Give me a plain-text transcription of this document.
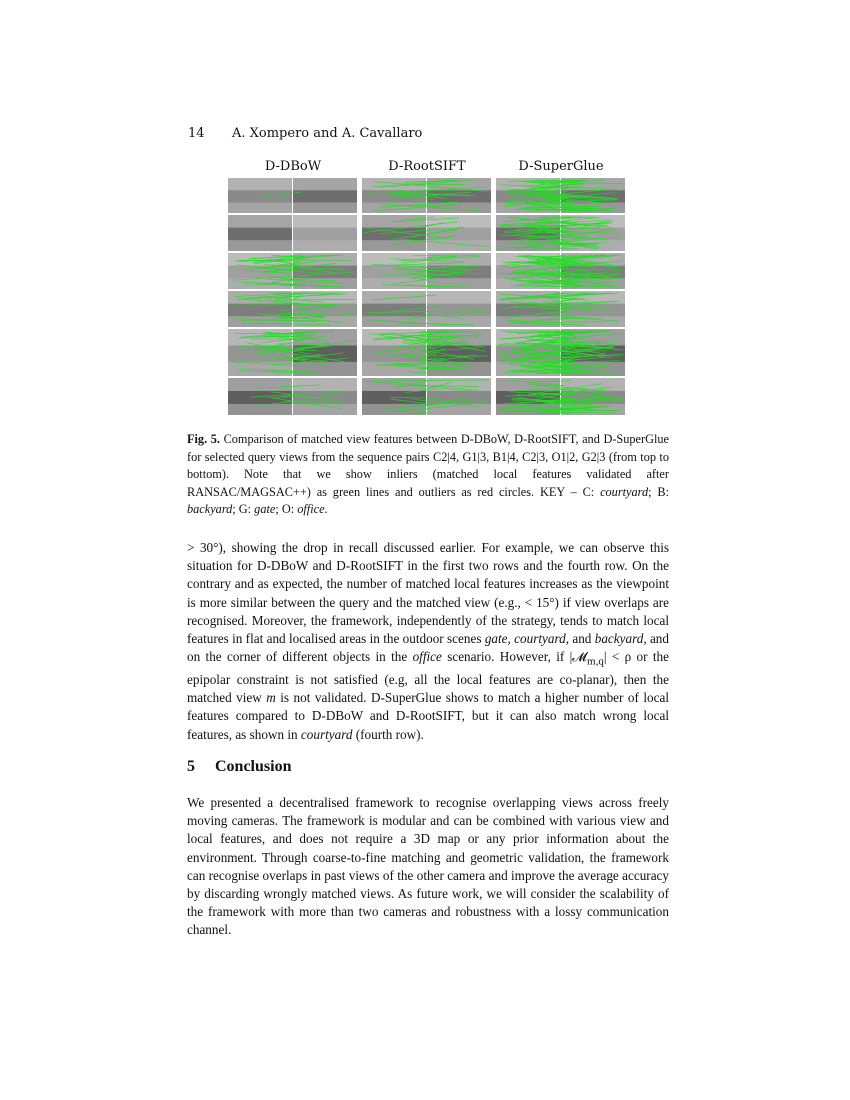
14 A. Xompero and A. Cavallaro
D-DBoW	D-RootSIFT	D-SuperGlue
Fig. 5. Comparison of matched view features between D-DBoW, D-RootSIFT, and D-SuperGlue for selected query views from the sequence pairs C2|4, G1|3, B1|4, C2|3, O1|2, G2|3 (from top to bottom). Note that we show inliers (matched local features validated after RANSAC/MAGSAC++) as green lines and outliers as red circles. KEY – C: courtyard; B: backyard; G: gate; O: office.
> 30°), showing the drop in recall discussed earlier. For example, we can observe this situation for D-DBoW and D-RootSIFT in the first two rows and the fourth row. On the contrary and as expected, the number of matched local features increases as the viewpoint is more similar between the query and the matched view (e.g., < 15°) if view overlaps are recognised. Moreover, the framework, independently of the strategy, tends to match local features in flat and localised areas in the outdoor scenes gate, courtyard, and backyard, and on the corner of different objects in the office scenario. However, if |𝓜$_{m,q}$| < ρ or the epipolar constraint is not satisfied (e.g, all the local features are co-planar), then the matched view m is not validated. D-SuperGlue shows to match a higher number of local features compared to D-DBoW and D-RootSIFT, but it can also match wrong local features, as shown in courtyard (fourth row).
5 Conclusion
We presented a decentralised framework to recognise overlapping views across freely moving cameras. The framework is modular and can be combined with various view and local features, and does not require a 3D map or any prior information about the environment. Through coarse-to-fine matching and geometric validation, the framework can recognise overlaps in past views of the other camera and improve the average accuracy by discarding wrongly matched views. As future work, we will consider the scalability of the framework with more than two cameras and robustness with a lossy communication channel.
